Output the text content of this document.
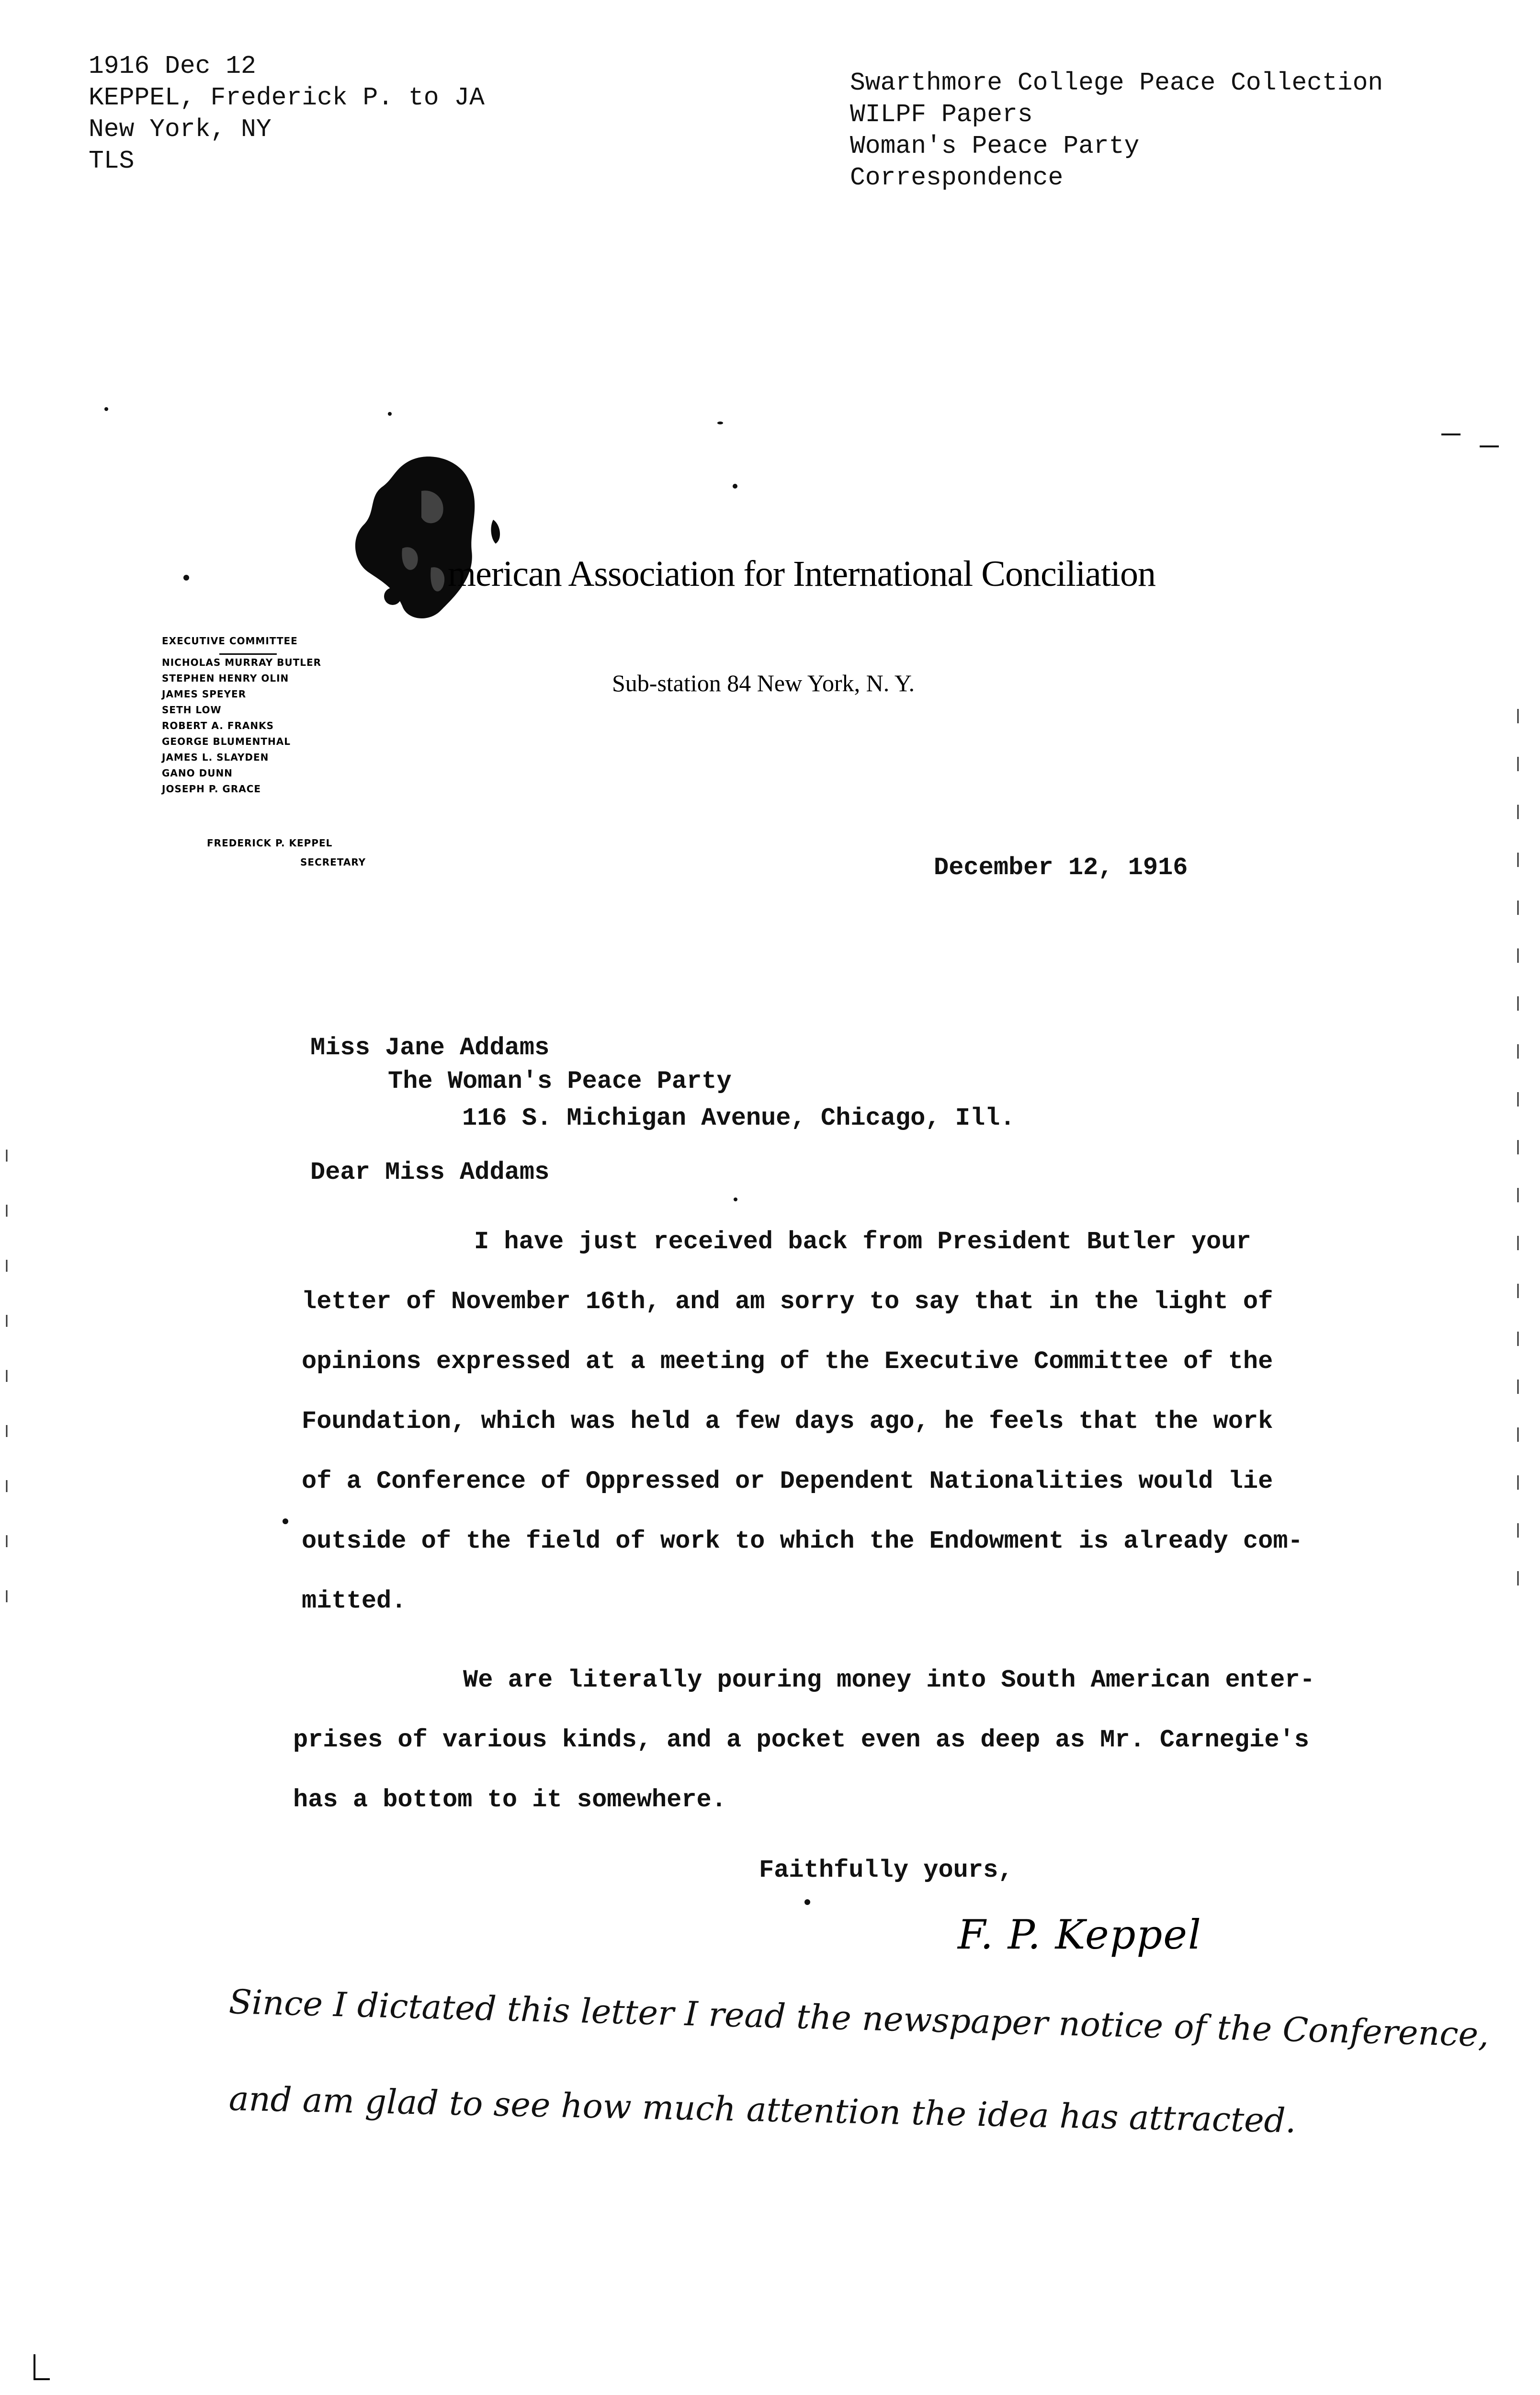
1916 Dec 12
KEPPEL, Frederick P. to JA
New York, NY
TLS
Swarthmore College Peace Collection
WILPF Papers
Woman's Peace Party
Correspondence
merican Association for International Conciliation
Sub-station 84 New York, N. Y.
EXECUTIVE COMMITTEE
NICHOLAS MURRAY BUTLER
STEPHEN HENRY OLIN
JAMES SPEYER
SETH LOW
ROBERT A. FRANKS
GEORGE BLUMENTHAL
JAMES L. SLAYDEN
GANO DUNN
JOSEPH P. GRACE
FREDERICK P. KEPPEL
SECRETARY	December 12, 1916
Miss Jane Addams
The Woman's Peace Party
116 S. Michigan Avenue, Chicago, Ill.
Dear Miss Addams
I have just received back from President Butler your
letter of November 16th, and am sorry to say that in the light of
opinions expressed at a meeting of the Executive Committee of the
Foundation, which was held a few days ago, he feels that the work
of a Conference of Oppressed or Dependent Nationalities would lie
outside of the field of work to which the Endowment is already com-
mitted.
We are literally pouring money into South American enter-
prises of various kinds, and a pocket even as deep as Mr. Carnegie's
has a bottom to it somewhere.
Faithfully yours,
F. P. Keppel
Since I dictated this letter I read the newspaper notice of the Conference,
and am glad to see how much attention the idea has attracted.
